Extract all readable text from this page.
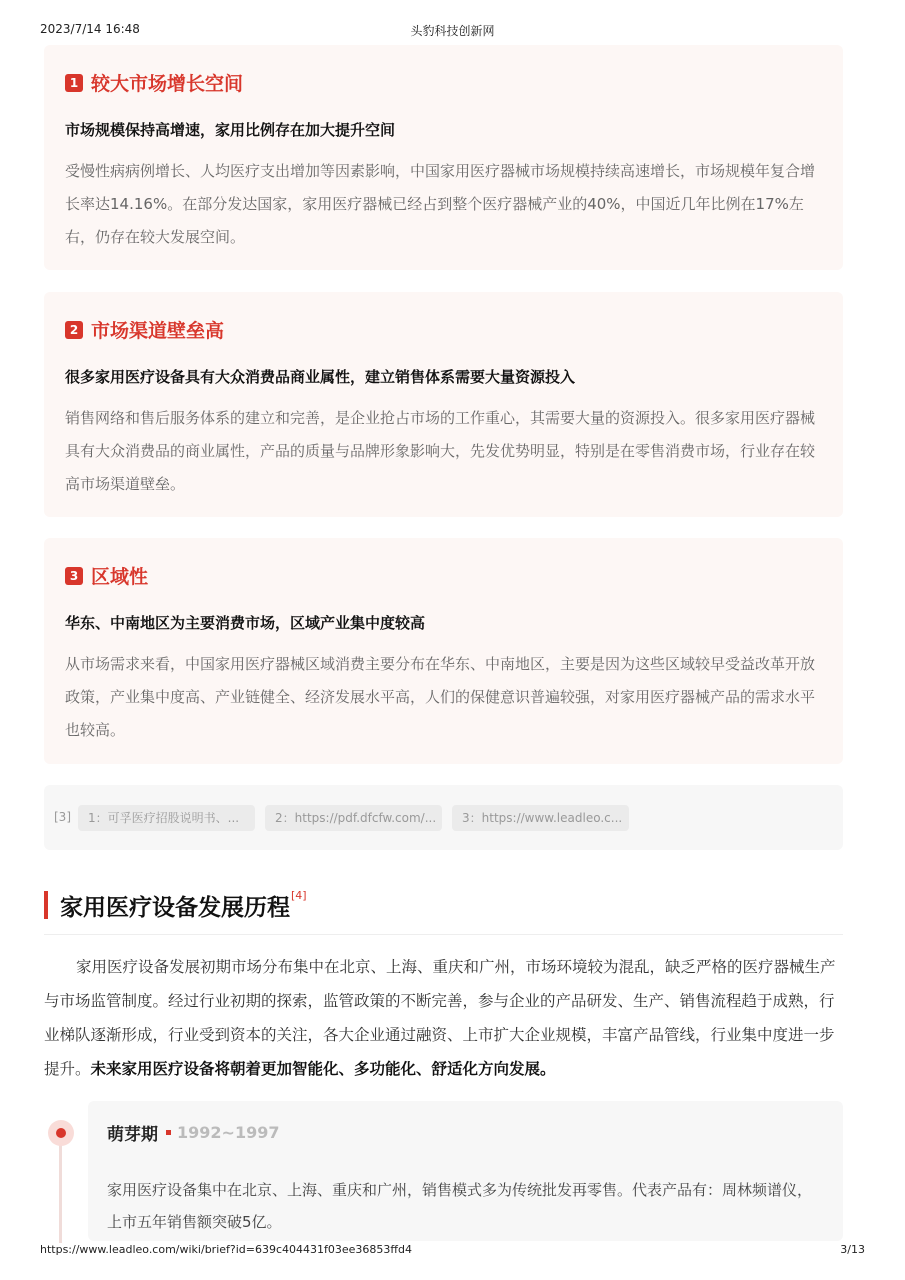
2023/7/14 16:48	头豹科技创新网
1 较大市场增长空间
市场规模保持高增速，家用比例存在加大提升空间
受慢性病病例增长、人均医疗支出增加等因素影响，中国家用医疗器械市场规模持续高速增长，市场规模年复合增长率达14.16%。在部分发达国家，家用医疗器械已经占到整个医疗器械产业的40%，中国近几年比例在17%左右，仍存在较大发展空间。
2 市场渠道壁垒高
很多家用医疗设备具有大众消费品商业属性，建立销售体系需要大量资源投入
销售网络和售后服务体系的建立和完善，是企业抢占市场的工作重心，其需要大量的资源投入。很多家用医疗器械具有大众消费品的商业属性，产品的质量与品牌形象影响大，先发优势明显，特别是在零售消费市场，行业存在较高市场渠道壁垒。
3 区域性
华东、中南地区为主要消费市场，区域产业集中度较高
从市场需求来看，中国家用医疗器械区域消费主要分布在华东、中南地区，主要是因为这些区域较早受益改革开放政策，产业集中度高、产业链健全、经济发展水平高，人们的保健意识普遍较强，对家用医疗器械产品的需求水平也较高。
[3]	1：可孚医疗招股说明书、...	2：https://pdf.dfcfw.com/...	3：https://www.leadleo.c...
家用医疗设备发展历程 [4]

家用医疗设备发展初期市场分布集中在北京、上海、重庆和广州，市场环境较为混乱，缺乏严格的医疗器械生产与市场监管制度。经过行业初期的探索，监管政策的不断完善，参与企业的产品研发、生产、销售流程趋于成熟，行业梯队逐渐形成，行业受到资本的关注，各大企业通过融资、上市扩大企业规模，丰富产品管线，行业集中度进一步提升。未来家用医疗设备将朝着更加智能化、多功能化、舒适化方向发展。

萌芽期 1992~1997
家用医疗设备集中在北京、上海、重庆和广州，销售模式多为传统批发再零售。代表产品有：周林频谱仪，上市五年销售额突破5亿。
https://www.leadleo.com/wiki/brief?id=639c404431f03ee36853ffd4	3/13
